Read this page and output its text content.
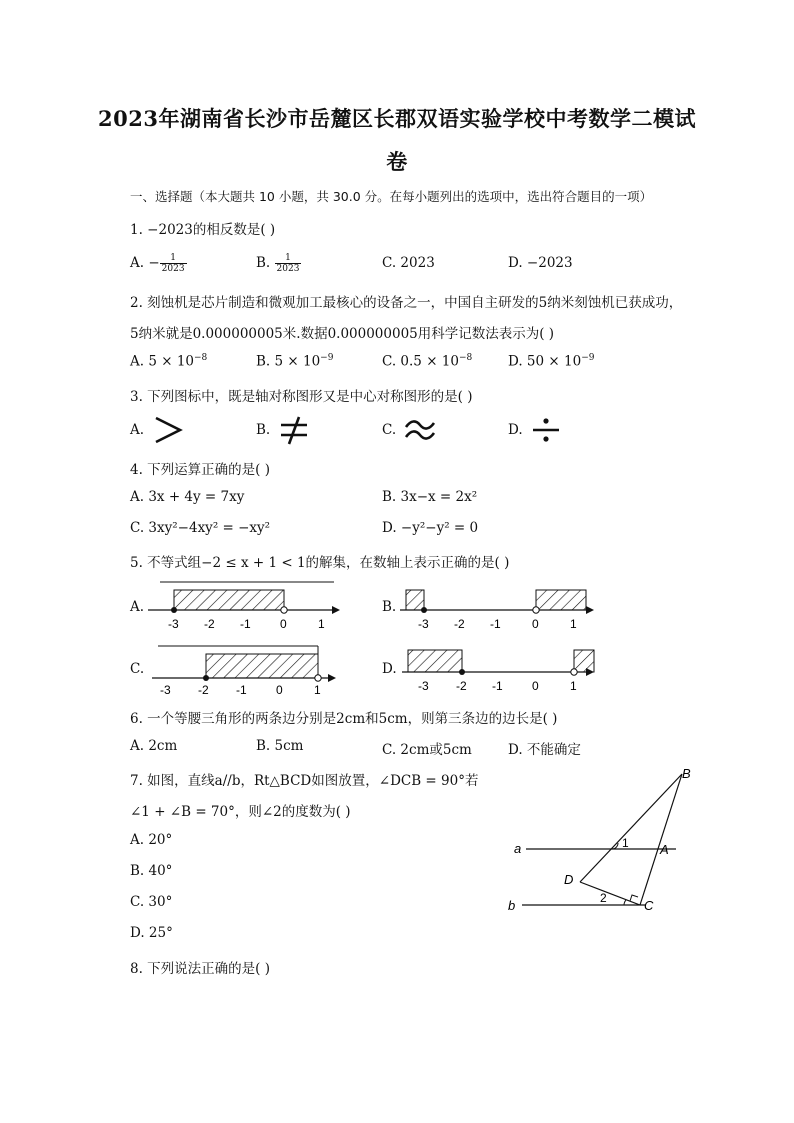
2023年湖南省长沙市岳麓区长郡双语实验学校中考数学二模试
卷
一、选择题（本大题共 10 小题，共 30.0 分。在每小题列出的选项中，选出符合题目的一项）
1. −2023的相反数是( )
A. − $\frac{1}{2023}$	B. $\frac{1}{2023}$	C. 2023	D. −2023
2. 刻蚀机是芯片制造和微观加工最核心的设备之一，中国自主研发的5纳米刻蚀机已获成功，
5纳米就是0.000000005米.数据0.000000005用科学记数法表示为( )
A. $5 \times 10^{-8}$	B. $5 \times 10^{-9}$	C. $0.5 \times 10^{-8}$	D. $50 \times 10^{-9}$
3. 下列图标中，既是轴对称图形又是中心对称图形的是( )
A.	B.	C.	D.
4. 下列运算正确的是( )
A. 3x + 4y = 7xy	B. 3x−x = 2x²
C. 3xy²−4xy² = −xy²	D. −y²−y² = 0
5. 不等式组−2 ≤ x + 1 < 1的解集，在数轴上表示正确的是( )
A.
-3 -2 -1 0	1
B.
-3 -2 -1	0	1
C.
-3 -2 -1 0	1
D.
-3 -2 -1 0	1
6. 一个等腰三角形的两条边分别是2cm和5cm，则第三条边的边长是( )
A. 2cm	B. 5cm	C. 2cm或5cm	D. 不能确定
7. 如图，直线a//b，Rt△BCD如图放置，∠DCB = 90°若
∠1 + ∠B = 70°，则∠2的度数为( )
A. 20°
B. 40°
C. 30°
D. 25°
B
A
D
C
a
b
1
2
8. 下列说法正确的是( )
